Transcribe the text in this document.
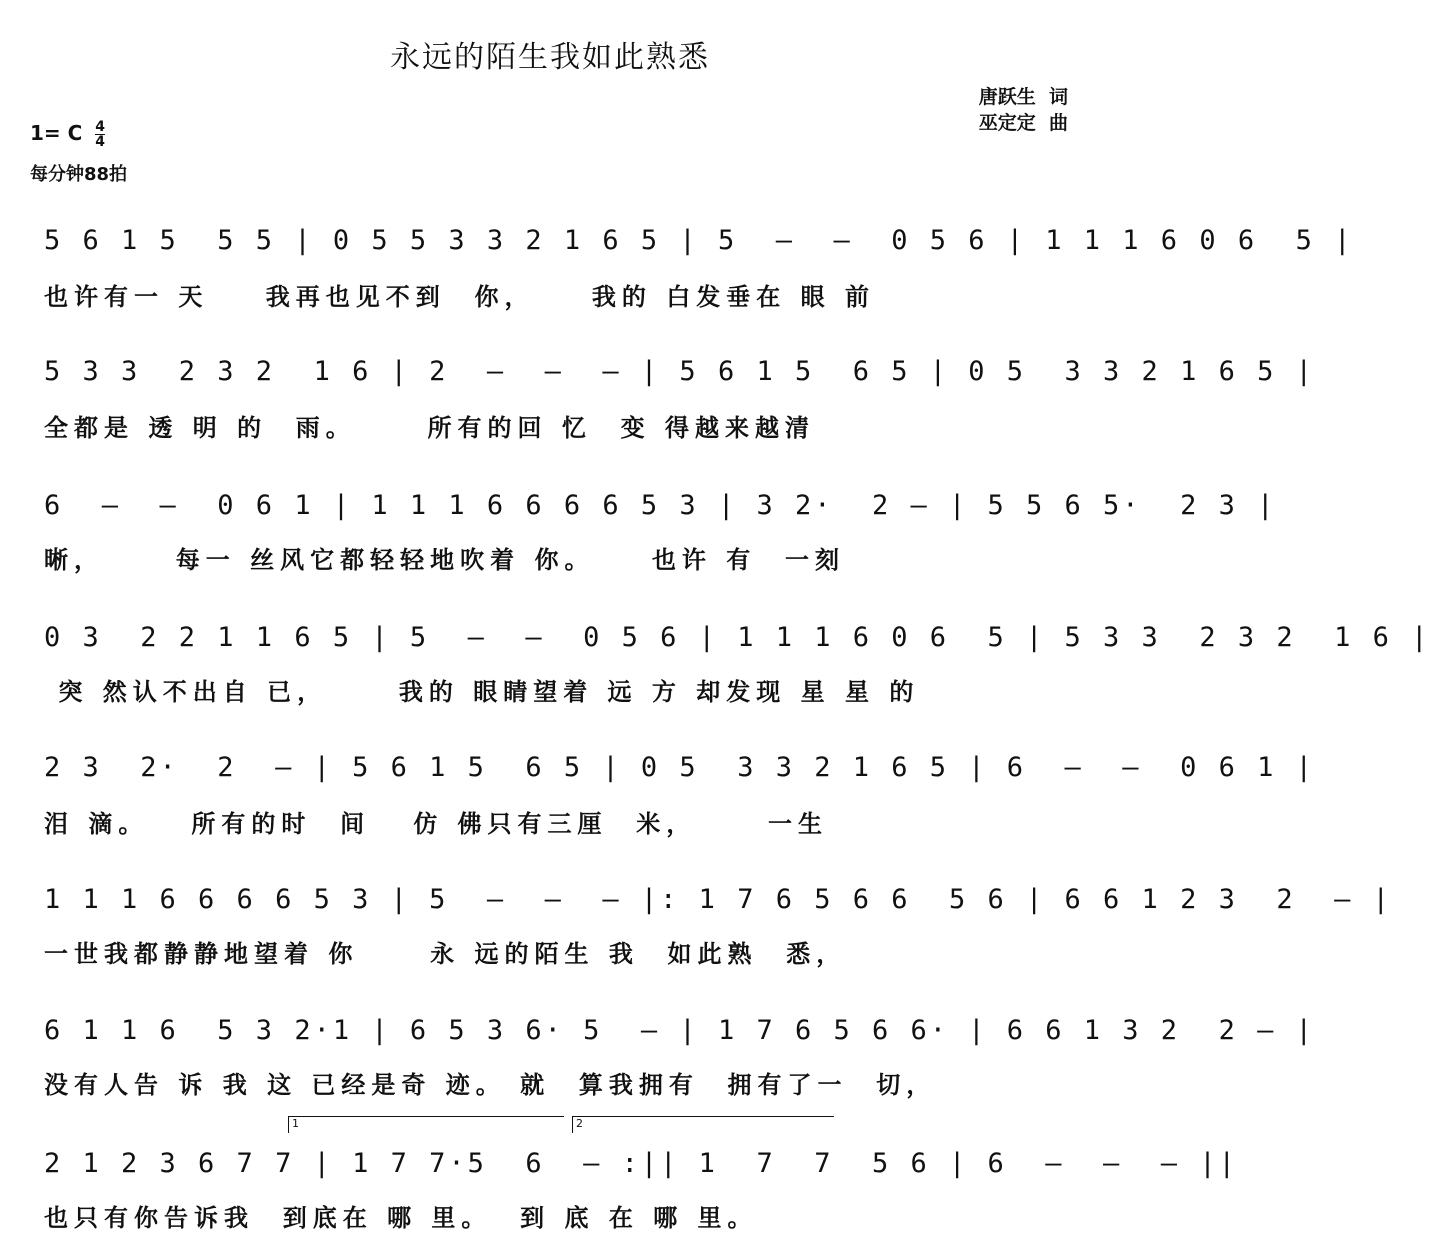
永远的陌生我如此熟悉
唐跃生  词
巫定定  曲
1= C $\frac{4}{4}$
每分钟88拍
5 6 1 5  5 5 | 0 5 5 3 3 2 1 6 5 | 5  —  —  0 5 6 | 1 1 1 6 0 6  5 |
也许有一 天    我再也见不到  你，    我的 白发垂在 眼 前
5 3 3  2 3 2  1 6 | 2  —  —  — | 5 6 1 5  6 5 | 0 5  3 3 2 1 6 5 |
全都是 透 明 的  雨。     所有的回 忆  变 得越来越清
6  —  —  0 6 1 | 1 1 1 6 6 6 6 5 3 | 3 2·  2 — | 5 5 6 5·  2 3 |
晰，     每一 丝风它都轻轻地吹着 你。    也许 有  一刻
0 3  2 2 1 1 6 5 | 5  —  —  0 5 6 | 1 1 1 6 0 6  5 | 5 3 3  2 3 2  1 6 |
突 然认不出自 已，     我的 眼睛望着 远 方 却发现 星 星 的
2 3  2·  2  — | 5 6 1 5  6 5 | 0 5  3 3 2 1 6 5 | 6  —  —  0 6 1 |
泪 滴。   所有的时  间   仿 佛只有三厘  米，     一生
1 1 1 6 6 6 6 5 3 | 5  —  —  — |: 1 7 6 5 6 6  5 6 | 6 6 1 2 3  2  — |
一世我都静静地望着 你     永 远的陌生 我  如此熟  悉，
6 1 1 6  5 3 2·1 | 6 5 3 6· 5  — | 1 7 6 5 6 6· | 6 6 1 3 2  2 — |
没有人告 诉 我 这 已经是奇 迹。 就  算我拥有  拥有了一  切，
1	2
2 1 2 3 6 7 7 | 1 7 7·5  6  — :|| 1  7  7  5 6 | 6  —  —  — ||
也只有你告诉我  到底在 哪 里。  到 底 在 哪 里。
